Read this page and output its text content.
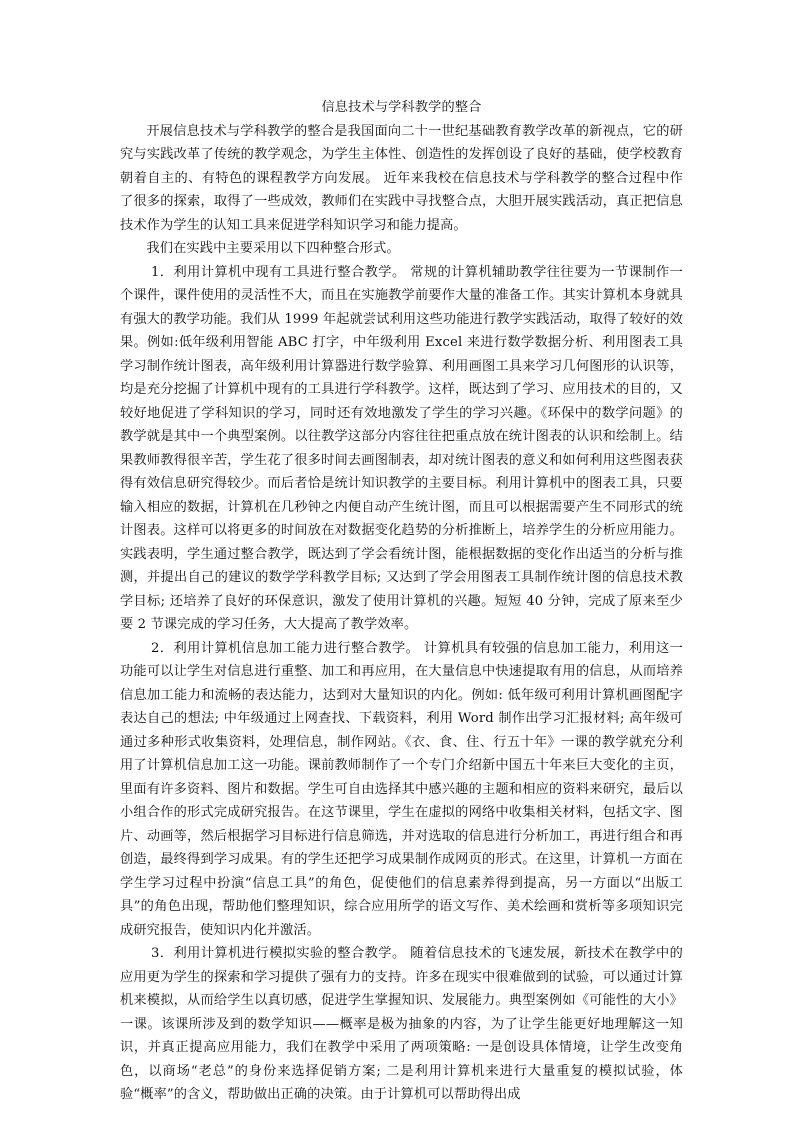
信息技术与学科教学的整合

开展信息技术与学科教学的整合是我国面向二十一世纪基础教育教学改革的新视点，它的研究与实践改革了传统的教学观念，为学生主体性、创造性的发挥创设了良好的基础，使学校教育朝着自主的、有特色的课程教学方向发展。 近年来我校在信息技术与学科教学的整合过程中作了很多的探索，取得了一些成效，教师们在实践中寻找整合点，大胆开展实践活动，真正把信息技术作为学生的认知工具来促进学科知识学习和能力提高。

我们在实践中主要采用以下四种整合形式。

1．利用计算机中现有工具进行整合教学。 常规的计算机辅助教学往往要为一节课制作一个课件，课件使用的灵活性不大，而且在实施教学前要作大量的准备工作。其实计算机本身就具有强大的教学功能。我们从 1999 年起就尝试利用这些功能进行教学实践活动，取得了较好的效果。例如:低年级利用智能 ABC 打字，中年级利用 Excel 来进行数学数据分析、利用图表工具学习制作统计图表，高年级利用计算器进行数学验算、利用画图工具来学习几何图形的认识等，均是充分挖掘了计算机中现有的工具进行学科教学。这样，既达到了学习、应用技术的目的，又较好地促进了学科知识的学习，同时还有效地激发了学生的学习兴趣。《环保中的数学问题》的教学就是其中一个典型案例。以往教学这部分内容往往把重点放在统计图表的认识和绘制上。结果教师教得很辛苦，学生花了很多时间去画图制表，却对统计图表的意义和如何利用这些图表获得有效信息研究得较少。而后者恰是统计知识教学的主要目标。利用计算机中的图表工具，只要输入相应的数据，计算机在几秒钟之内便自动产生统计图，而且可以根据需要产生不同形式的统计图表。这样可以将更多的时间放在对数据变化趋势的分析推断上，培养学生的分析应用能力。实践表明，学生通过整合教学，既达到了学会看统计图，能根据数据的变化作出适当的分析与推测，并提出自己的建议的数学学科教学目标; 又达到了学会用图表工具制作统计图的信息技术教学目标; 还培养了良好的环保意识，激发了使用计算机的兴趣。短短 40 分钟，完成了原来至少要 2 节课完成的学习任务，大大提高了教学效率。

2．利用计算机信息加工能力进行整合教学。 计算机具有较强的信息加工能力，利用这一功能可以让学生对信息进行重整、加工和再应用，在大量信息中快速提取有用的信息，从而培养信息加工能力和流畅的表达能力，达到对大量知识的内化。例如: 低年级可利用计算机画图配字表达自己的想法; 中年级通过上网查找、下载资料，利用 Word 制作出学习汇报材料; 高年级可通过多种形式收集资料，处理信息，制作网站。《衣、食、住、行五十年》一课的教学就充分利用了计算机信息加工这一功能。课前教师制作了一个专门介绍新中国五十年来巨大变化的主页，里面有许多资料、图片和数据。学生可自由选择其中感兴趣的主题和相应的资料来研究，最后以小组合作的形式完成研究报告。在这节课里，学生在虚拟的网络中收集相关材料，包括文字、图片、动画等，然后根据学习目标进行信息筛选，并对选取的信息进行分析加工，再进行组合和再创造，最终得到学习成果。有的学生还把学习成果制作成网页的形式。在这里，计算机一方面在学生学习过程中扮演“信息工具”的角色，促使他们的信息素养得到提高，另一方面以“出版工具”的角色出现，帮助他们整理知识，综合应用所学的语文写作、美术绘画和赏析等多项知识完成研究报告，使知识内化并激活。

3．利用计算机进行模拟实验的整合教学。 随着信息技术的飞速发展，新技术在教学中的应用更为学生的探索和学习提供了强有力的支持。许多在现实中很难做到的试验，可以通过计算机来模拟，从而给学生以真切感，促进学生掌握知识、发展能力。典型案例如《可能性的大小》一课。该课所涉及到的数学知识——概率是极为抽象的内容，为了让学生能更好地理解这一知识，并真正提高应用能力，我们在教学中采用了两项策略: 一是创设具体情境，让学生改变角色，以商场“老总”的身份来选择促销方案; 二是利用计算机来进行大量重复的模拟试验，体验“概率”的含义，帮助做出正确的决策。由于计算机可以帮助得出成
